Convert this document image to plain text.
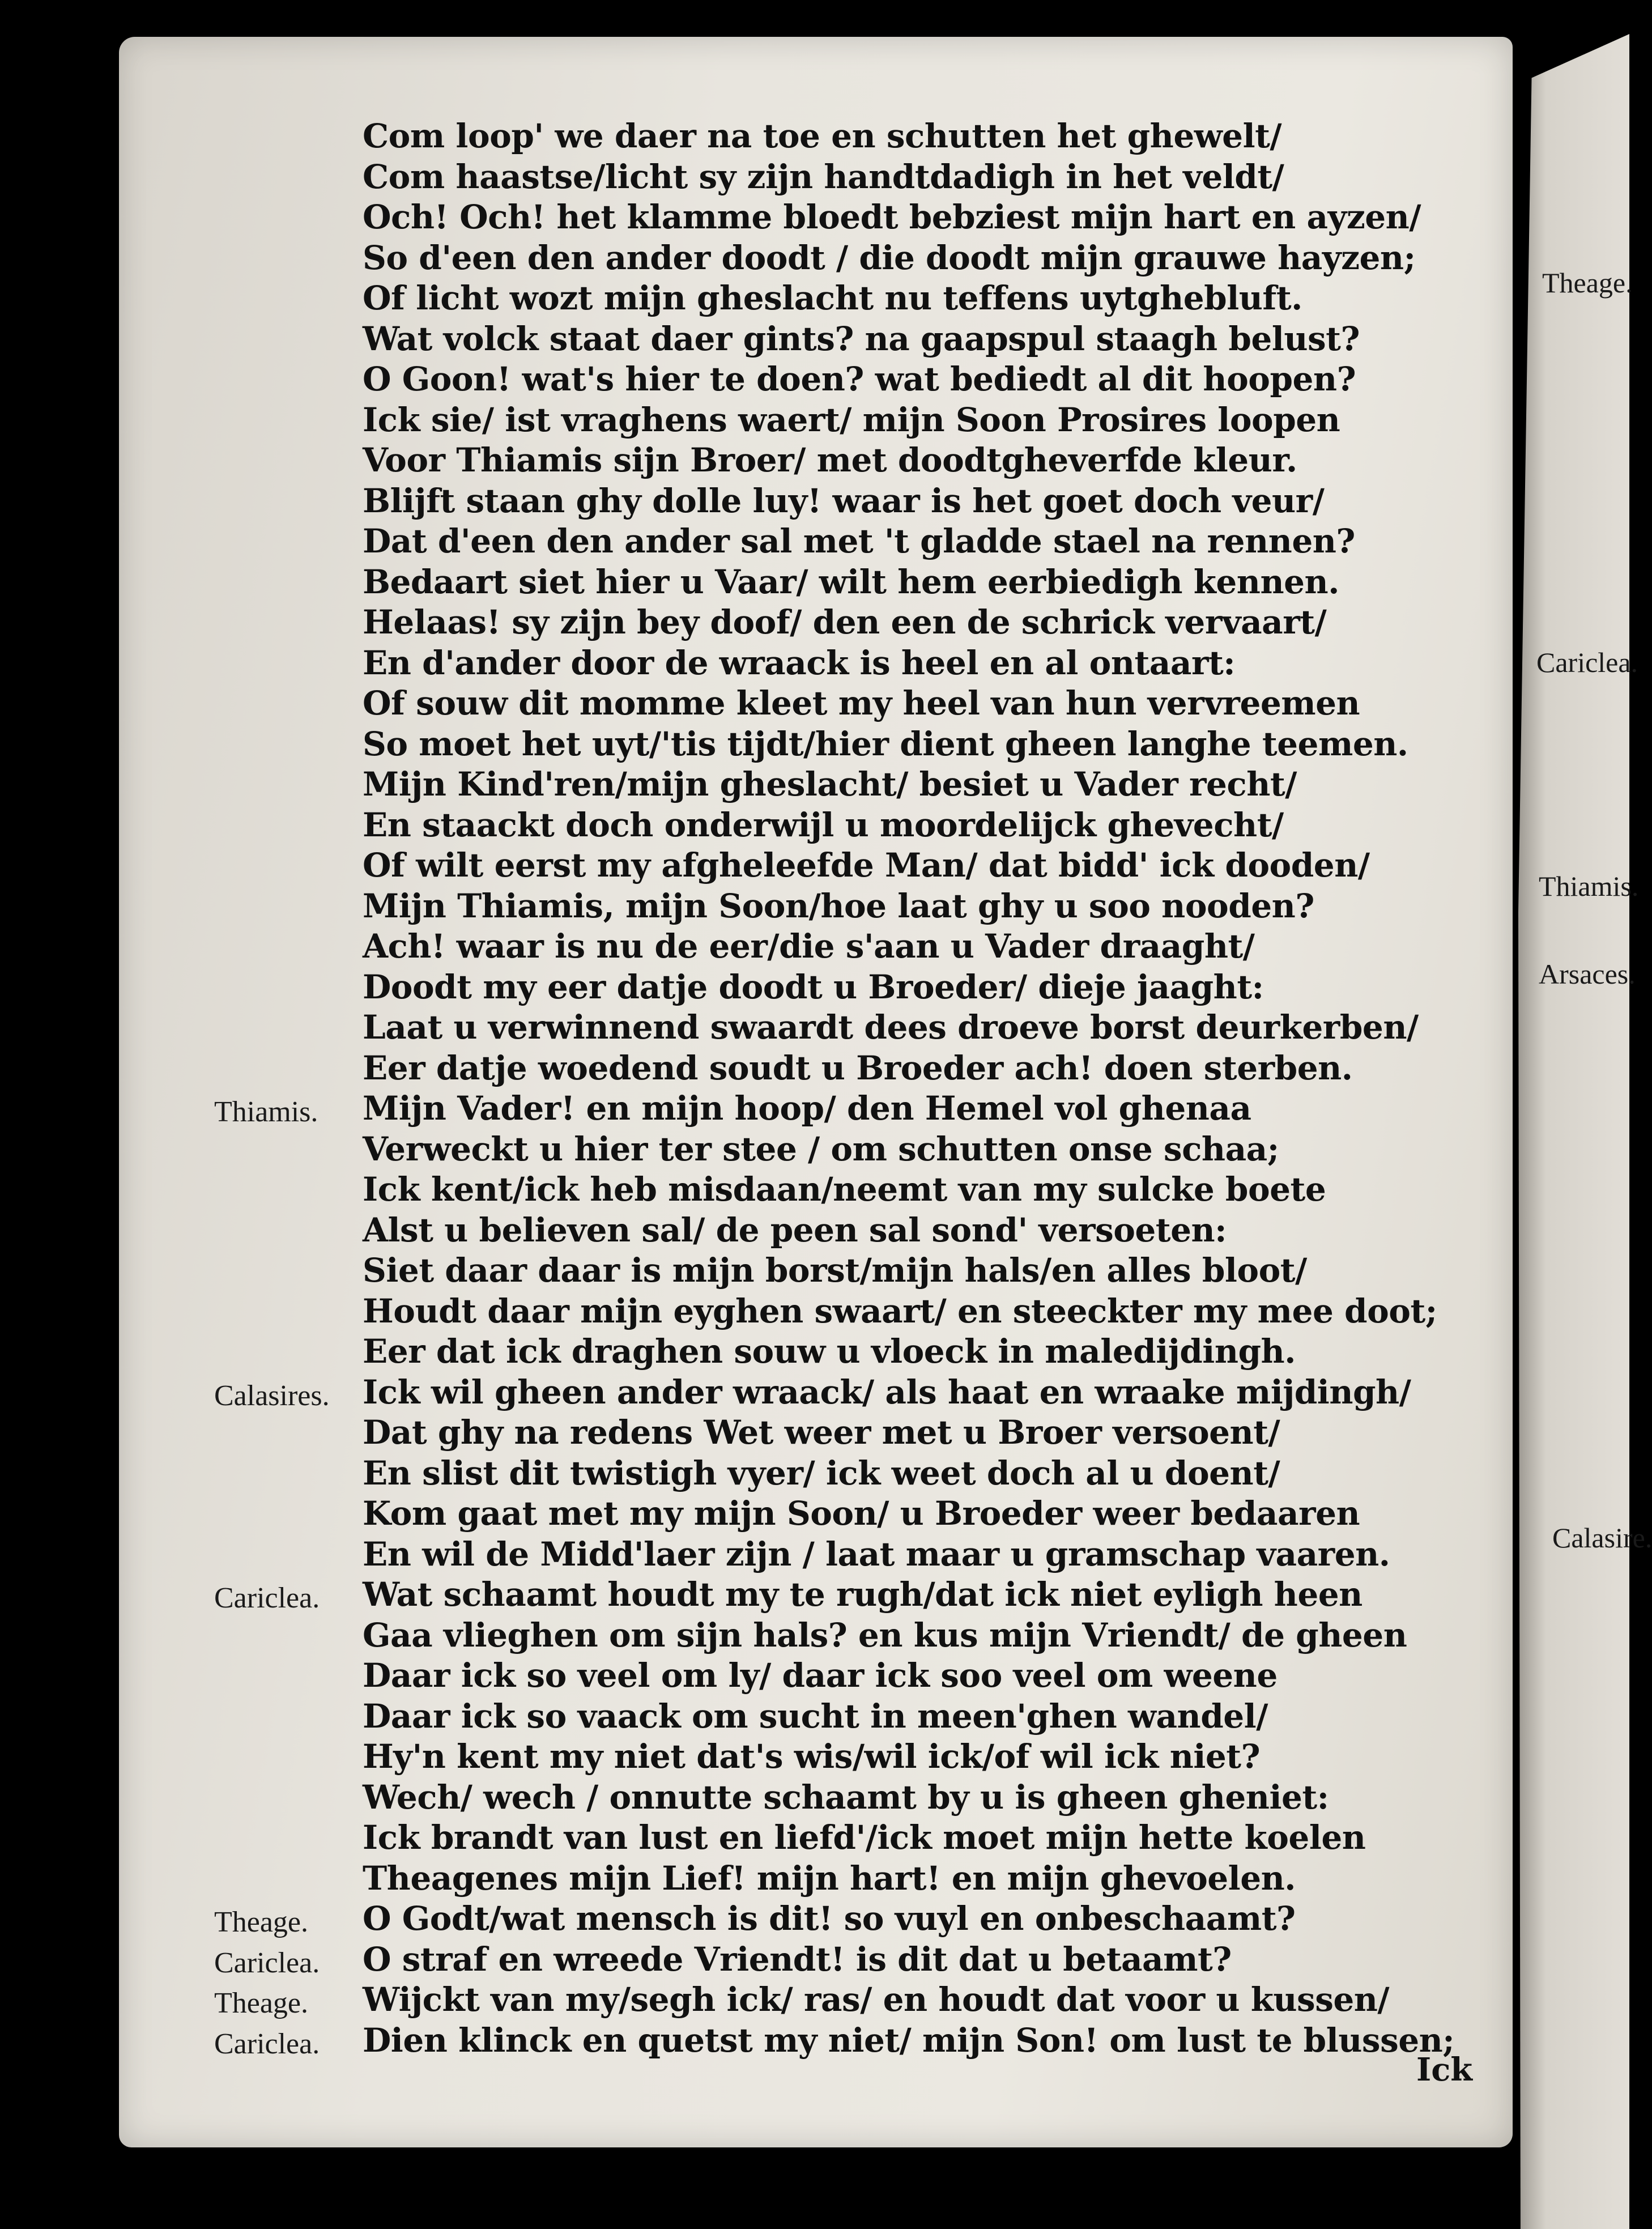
Com loop' we daer na toe en schutten het ghewelt/
Com haastse/licht sy zijn handtdadigh in het veldt/
Och! Och! het klamme bloedt bebziest mijn hart en ayzen/
So d'een den ander doodt / die doodt mijn grauwe hayzen;
Of licht wozt mijn gheslacht nu teffens uytghebluft.
Wat volck staat daer gints? na gaapspul staagh belust?
O Goon! wat's hier te doen? wat bediedt al dit hoopen?
Ick sie/ ist vraghens waert/ mijn Soon Prosires loopen
Voor Thiamis sijn Broer/ met doodtgheverfde kleur.
Blijft staan ghy dolle luy! waar is het goet doch veur/
Dat d'een den ander sal met 't gladde stael na rennen?
Bedaart siet hier u Vaar/ wilt hem eerbiedigh kennen.
Helaas! sy zijn bey doof/ den een de schrick vervaart/
En d'ander door de wraack is heel en al ontaart:
Of souw dit momme kleet my heel van hun vervreemen
So moet het uyt/'tis tijdt/hier dient gheen langhe teemen.
Mijn Kind'ren/mijn gheslacht/ besiet u Vader recht/
En staackt doch onderwijl u moordelijck ghevecht/
Of wilt eerst my afgheleefde Man/ dat bidd' ick dooden/
Mijn Thiamis, mijn Soon/hoe laat ghy u soo nooden?
Ach! waar is nu de eer/die s'aan u Vader draaght/
Doodt my eer datje doodt u Broeder/ dieje jaaght:
Laat u verwinnend swaardt dees droeve borst deurkerben/
Eer datje woedend soudt u Broeder ach! doen sterben.
Thiamis. Mijn Vader! en mijn hoop/ den Hemel vol ghenaa
Verweckt u hier ter stee / om schutten onse schaa;
Ick kent/ick heb misdaan/neemt van my sulcke boete
Alst u believen sal/ de peen sal sond' versoeten:
Siet daar daar is mijn borst/mijn hals/en alles bloot/
Houdt daar mijn eyghen swaart/ en steeckter my mee doot;
Eer dat ick draghen souw u vloeck in maledijdingh.
Calasires. Ick wil gheen ander wraack/ als haat en wraake mijdingh/
Dat ghy na redens Wet weer met u Broer versoent/
En slist dit twistigh vyer/ ick weet doch al u doent/
Kom gaat met my mijn Soon/ u Broeder weer bedaaren
En wil de Midd'laer zijn / laat maar u gramschap vaaren.
Cariclea. Wat schaamt houdt my te rugh/dat ick niet eyligh heen
Gaa vlieghen om sijn hals? en kus mijn Vriendt/ de gheen
Daar ick so veel om ly/ daar ick soo veel om weene
Daar ick so vaack om sucht in meen'ghen wandel/
Hy'n kent my niet dat's wis/wil ick/of wil ick niet?
Wech/ wech / onnutte schaamt by u is gheen gheniet:
Ick brandt van lust en liefd'/ick moet mijn hette koelen
Theagenes mijn Lief! mijn hart! en mijn ghevoelen.
Theage. O Godt/wat mensch is dit! so vuyl en onbeschaamt?
Cariclea. O straf en wreede Vriendt! is dit dat u betaamt?
Theage. Wijckt van my/segh ick/ ras/ en houdt dat voor u kussen/
Cariclea. Dien klinck en quetst my niet/ mijn Son! om lust te blussen;
Ick
Theage.
Cariclea.
Thiamis.
Arsaces.
Calasire.
